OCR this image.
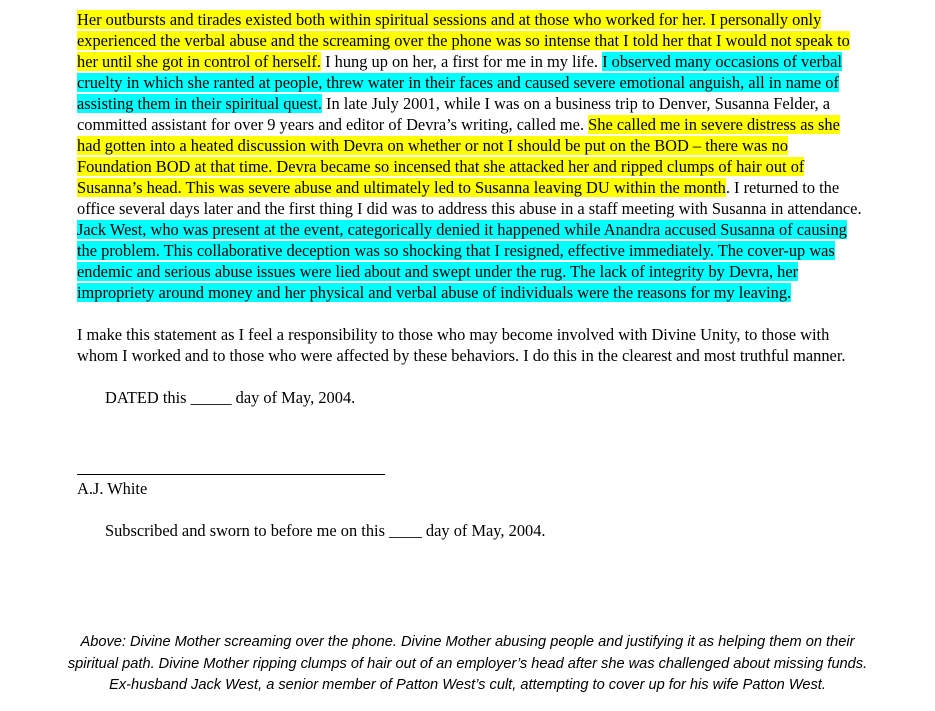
Her outbursts and tirades existed both within spiritual sessions and at those who worked for her. I personally only experienced the verbal abuse and the screaming over the phone was so intense that I told her that I would not speak to her until she got in control of herself. I hung up on her, a first for me in my life. I observed many occasions of verbal cruelty in which she ranted at people, threw water in their faces and caused severe emotional anguish, all in name of assisting them in their spiritual quest. In late July 2001, while I was on a business trip to Denver, Susanna Felder, a committed assistant for over 9 years and editor of Devra’s writing, called me. She called me in severe distress as she had gotten into a heated discussion with Devra on whether or not I should be put on the BOD – there was no Foundation BOD at that time. Devra became so incensed that she attacked her and ripped clumps of hair out of Susanna’s head. This was severe abuse and ultimately led to Susanna leaving DU within the month. I returned to the office several days later and the first thing I did was to address this abuse in a staff meeting with Susanna in attendance. Jack West, who was present at the event, categorically denied it happened while Anandra accused Susanna of causing the problem. This collaborative deception was so shocking that I resigned, effective immediately. The cover-up was endemic and serious abuse issues were lied about and swept under the rug. The lack of integrity by Devra, her impropriety around money and her physical and verbal abuse of individuals were the reasons for my leaving.

I make this statement as I feel a responsibility to those who may become involved with Divine Unity, to those with whom I worked and to those who were affected by these behaviors. I do this in the clearest and most truthful manner.

DATED this _____ day of May, 2004.

A.J. White

Subscribed and sworn to before me on this ____ day of May, 2004.

Above: Divine Mother screaming over the phone. Divine Mother abusing people and justifying it as helping them on their
spiritual path. Divine Mother ripping clumps of hair out of an employer’s head after she was challenged about missing funds.
Ex-husband Jack West, a senior member of Patton West’s cult, attempting to cover up for his wife Patton West.
